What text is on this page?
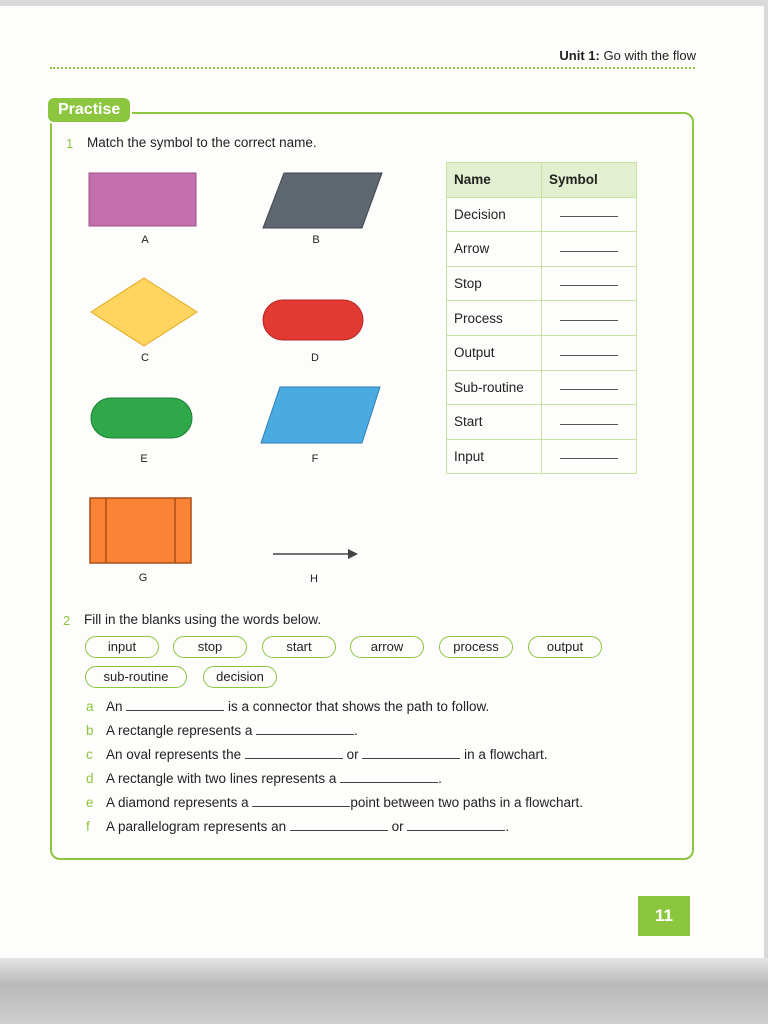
Unit 1: Go with the flow
Practise
1 Match the symbol to the correct name.
A	B
C	D
E	F
G	H
Name	Symbol
Decision	

Arrow	

Stop	

Process	

Output	

Sub-routine	

Start	

Input	
2 Fill in the blanks using the words below.
input	stop	start	arrow	process	output
sub-routine	decision
a An	is a connector that shows the path to follow.
b A rectangle represents a	.
c An oval represents the	or	in a flowchart.
d A rectangle with two lines represents a	.
e A diamond represents a	point between two paths in a flowchart.
f A parallelogram represents an	or	.
11
